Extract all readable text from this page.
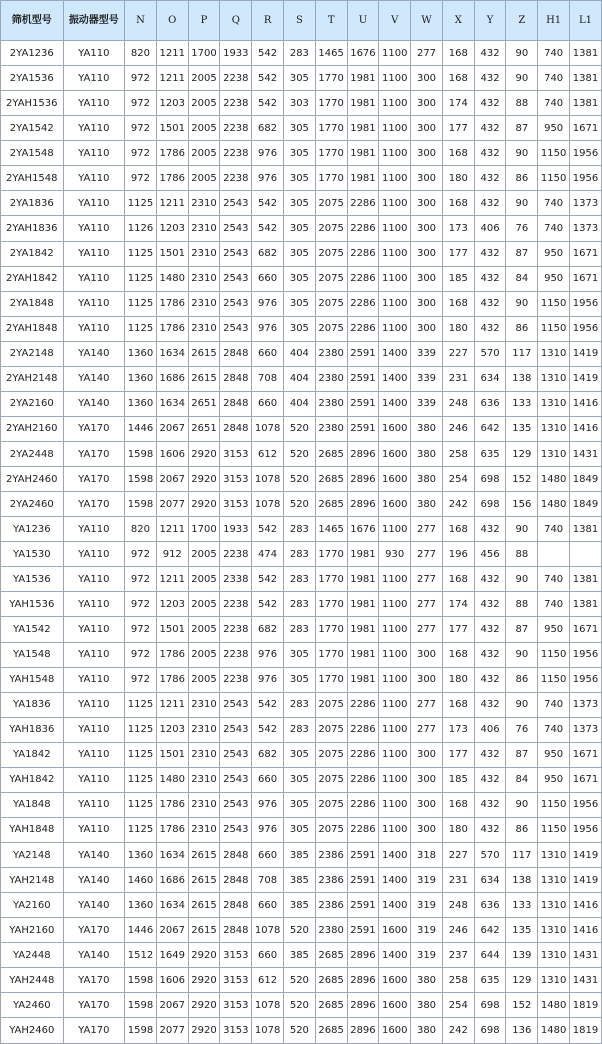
筛机型号	振动器型号	N	O	P	Q	R	S	T	U	V	W	X	Y	Z	H1	L1
2YA1236	YA110	820	1211	1700	1933	542	283	1465	1676	1100	277	168	432	90	740	1381
2YA1536	YA110	972	1211	2005	2238	542	305	1770	1981	1100	300	168	432	90	740	1381
2YAH1536	YA110	972	1203	2005	2238	542	303	1770	1981	1100	300	174	432	88	740	1381
2YA1542	YA110	972	1501	2005	2238	682	305	1770	1981	1100	300	177	432	87	950	1671
2YA1548	YA110	972	1786	2005	2238	976	305	1770	1981	1100	300	168	432	90	1150	1956
2YAH1548	YA110	972	1786	2005	2238	976	305	1770	1981	1100	300	180	432	86	1150	1956
2YA1836	YA110	1125	1211	2310	2543	542	305	2075	2286	1100	300	168	432	90	740	1373
2YAH1836	YA110	1126	1203	2310	2543	542	305	2075	2286	1100	300	173	406	76	740	1373
2YA1842	YA110	1125	1501	2310	2543	682	305	2075	2286	1100	300	177	432	87	950	1671
2YAH1842	YA110	1125	1480	2310	2543	660	305	2075	2286	1100	300	185	432	84	950	1671
2YA1848	YA110	1125	1786	2310	2543	976	305	2075	2286	1100	300	168	432	90	1150	1956
2YAH1848	YA110	1125	1786	2310	2543	976	305	2075	2286	1100	300	180	432	86	1150	1956
2YA2148	YA140	1360	1634	2615	2848	660	404	2380	2591	1400	339	227	570	117	1310	1419
2YAH2148	YA140	1360	1686	2615	2848	708	404	2380	2591	1400	339	231	634	138	1310	1419
2YA2160	YA140	1360	1634	2651	2848	660	404	2380	2591	1400	339	248	636	133	1310	1416
2YAH2160	YA170	1446	2067	2651	2848	1078	520	2380	2591	1600	380	246	642	135	1310	1416
2YA2448	YA170	1598	1606	2920	3153	612	520	2685	2896	1600	380	258	635	129	1310	1431
2YAH2460	YA170	1598	2067	2920	3153	1078	520	2685	2896	1600	380	254	698	152	1480	1849
2YA2460	YA170	1598	2077	2920	3153	1078	520	2685	2896	1600	380	242	698	156	1480	1849
YA1236	YA110	820	1211	1700	1933	542	283	1465	1676	1100	277	168	432	90	740	1381
YA1530	YA110	972	912	2005	2238	474	283	1770	1981	930	277	196	456	88		
YA1536	YA110	972	1211	2005	2338	542	283	1770	1981	1100	277	168	432	90	740	1381
YAH1536	YA110	972	1203	2005	2238	542	283	1770	1981	1100	277	174	432	88	740	1381
YA1542	YA110	972	1501	2005	2238	682	283	1770	1981	1100	277	177	432	87	950	1671
YA1548	YA110	972	1786	2005	2238	976	305	1770	1981	1100	300	168	432	90	1150	1956
YAH1548	YA110	972	1786	2005	2238	976	305	1770	1981	1100	300	180	432	86	1150	1956
YA1836	YA110	1125	1211	2310	2543	542	283	2075	2286	1100	277	168	432	90	740	1373
YAH1836	YA110	1125	1203	2310	2543	542	283	2075	2286	1100	277	173	406	76	740	1373
YA1842	YA110	1125	1501	2310	2543	682	305	2075	2286	1100	300	177	432	87	950	1671
YAH1842	YA110	1125	1480	2310	2543	660	305	2075	2286	1100	300	185	432	84	950	1671
YA1848	YA110	1125	1786	2310	2543	976	305	2075	2286	1100	300	168	432	90	1150	1956
YAH1848	YA110	1125	1786	2310	2543	976	305	2075	2286	1100	300	180	432	86	1150	1956
YA2148	YA140	1360	1634	2615	2848	660	385	2386	2591	1400	318	227	570	117	1310	1419
YAH2148	YA140	1460	1686	2615	2848	708	385	2386	2591	1400	319	231	634	138	1310	1419
YA2160	YA140	1360	1634	2615	2848	660	385	2386	2591	1400	319	248	636	133	1310	1416
YAH2160	YA170	1446	2067	2615	2848	1078	520	2380	2591	1600	319	246	642	135	1310	1416
YA2448	YA140	1512	1649	2920	3153	660	385	2685	2896	1400	319	237	644	139	1310	1431
YAH2448	YA170	1598	1606	2920	3153	612	520	2685	2896	1600	380	258	635	129	1310	1431
YA2460	YA170	1598	2067	2920	3153	1078	520	2685	2896	1600	380	254	698	152	1480	1819
YAH2460	YA170	1598	2077	2920	3153	1078	520	2685	2896	1600	380	242	698	136	1480	1819
